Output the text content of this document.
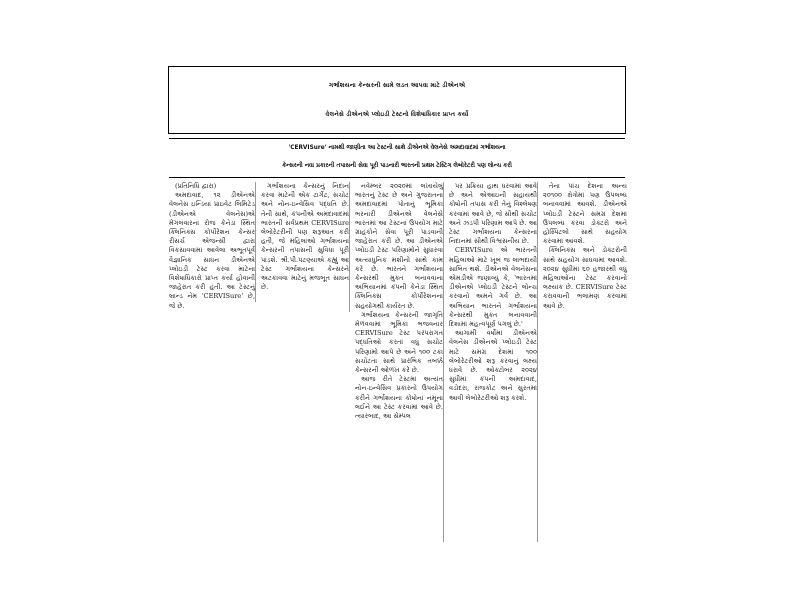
ગર્ભાશયના કેન્સરની સામે લડત આપવા માટે ડીએનએ
વેલનેસે ડીએનએ પ્લોઇડી ટેસ્ટનો વિશેષાધિકાર પ્રાપ્ત કર્યો
'CERVISure' નામથી જાણીતા આ ટેસ્ટની સાથે ડીએનએ વેલનેસે અમદાવાદમાં ગર્ભાશયના
કેન્સરની નવા પ્રકારની તપાસની સેવા પૂરી પાડનારી ભારતની પ્રથમ ટેસ્ટિંગ લેબોરેટરી પણ લોન્ચ કરી

(પ્રતિનિધિ દ્વારા)

અમદાવાદ, ૧૨ ડીએનએ વેલનેસ ઇન્ડિયા પ્રાઇવેટ લિમિટેડ (ડીએનએ વેલનેસ)એ મેંગલવારના રોજ કેનેડા સ્થિત ક્લિનિક્સ કોર્પોરેશન કેન્સર રીસર્ચ એજન્સી દ્વારા વિકસાવવામાં આવેલા અભૂતપૂર્વ વૈજ્ઞાનિક સાધન ડીએનએ પ્લોઇડી ટેસ્ટ કરવા માટેના વિશેષાધિકારો પ્રાપ્ત કર્યા હોવાની જાહેરાત કરી હતી. આ ટેસ્ટનું બ્રાન્ડ નેમ 'CERVISure' છે, જે છે.

ગર્ભાશયના કેન્સરનું નિદાન કરવા માટેની એક ટાર્ગેટ, સચોટ અને નોન-ઇન્વેસિવ પદ્ધતિ છે. તેની સાથે, કંપનીએ અમદાવાદમાં ભારતની સર્વપ્રથમ CERVISure લેબોરેટરીની પણ શરૂઆત કરી હતી, જે મહિલાઓ ગર્ભાશયના કેન્સરની તપાસની સુવિધા પૂરી પાડશે. શ્રી.પી.પટણ્યાએ કહ્યું આ ટેસ્ટ ગર્ભાશયના કેન્સરને અટકાવવા માટેનું મજબૂત સાધન છે.

નવેમ્બર ૨૦૨૦માં લખાયેલું ભારતનું ટેસ્ટ છે અને ગુજરાતના અમદાવાદમાં પોતાનું ભૂમિકા ભરનારી ડીએનએ વેલનેસે ભારતમાં આ ટેસ્ટના ઉપયોગ માટે ગ્રાહકોને સેવા પૂરી પાડવાની જાહેરાત કરી છે. આ ડીએનએ પ્લોઇડી ટેસ્ટ પરિણામોને સુધારવા અત્યાધુનિક મશીનો સાથે કામ કરે છે. ભારતને ગર્ભાશયના કેન્સરથી મુક્ત બનાવવાના અભિયાનમાં કંપની કેનેડા સ્થિત ક્લિનિક્સ કોર્પોરેશનના સહયોગથી કાર્યરત છે.

ગર્ભાશયના કેન્સરની જાગૃતિ મેળવવામાં ભૂમિકા ભજવનાર CERVISure ટેસ્ટ પરંપરાગત પદ્ધતિઓ કરતાં વધુ સચોટ પરિણામો આપે છે અને ૧૦૦ ટકા સચોટતા સાથે પ્રારંભિક તબક્કે કેન્સરની ઓળખ કરે છે.

આજ રીતે ટેસ્ટમાં અત્યંત નોન-ઇન્વેસિવ પ્રકારનો ઉપયોગ કરીને ગર્ભાશયના કોષોના નમૂના લઈને આ ટેસ્ટ કરવામાં આવે છે. ત્યારબાદ, આ સેમ્પલ

પર પ્રક્રિયા હાથ ધરવામાં આવે છે અને એઆઇની સહાયથી કોષોની તપાસ કરી તેનું વિશ્લેષણ કરવામાં આવે છે, જે સૌથી સચોટ અને ઝડપી પરિણામ આપે છે. આ ટેસ્ટ ગર્ભાશયના કેન્સરના નિદાનમાં સૌથી વિશ્વસનીય છે.

CERVISure એ ભારતની મહિલાઓ માટે ખૂબ જ લાભદાયી સાબિત થશે. ડીએનએ વેલનેસના એમડીએ જણાવ્યું કે, 'ભારતમાં ડીએનએ પ્લોઇડી ટેસ્ટને લોન્ચ કરવાનો અમને ગર્વ છે. આ અભિયાન ભારતને ગર્ભાશયના કેન્સરથી મુક્ત બનાવવાની દિશામાં મહત્વપૂર્ણ પગલું છે.'

આગામી વર્ષોમાં ડીએનએ વેલનેસ ડીએનએ પ્લોઇડી ટેસ્ટ માટે સમગ્ર દેશમાં ૧૦૦ લેબોરેટરીઓ શરૂ કરવાનું લક્ષ્ય ધરાવે છે. ઓક્ટોબર ૨૦૨૪ સુધીમાં કંપની અમદાવાદ, વડોદરા, રાજકોટ અને સુરતમાં આવી લેબોરેટરીઓ શરૂ કરશે.

તેના પાંચ દેશના અન્ય ૨૦૧૦૦ ક્ષેત્રોમાં પણ ઉપલબ્ધ બનાવવામાં આવશે. ડીએનએ પ્લોઇડી ટેસ્ટને સમગ્ર દેશમાં ઉપલબ્ધ કરવા ડોક્ટરો અને હોસ્પિટલો સાથે સહયોગ કરવામાં આવશે.

ક્લિનિક્સ અને ડોક્ટરોની સાથે સહયોગ સાધવામાં આવશે. ૨૦૨૪ સુધીમાં ૬૦ હજારથી વધુ મહિલાઓના ટેસ્ટ કરવાનો લક્ષ્યાંક છે. CERVISure ટેસ્ટ કરાવવાની ભલામણ કરવામાં આવે છે.
